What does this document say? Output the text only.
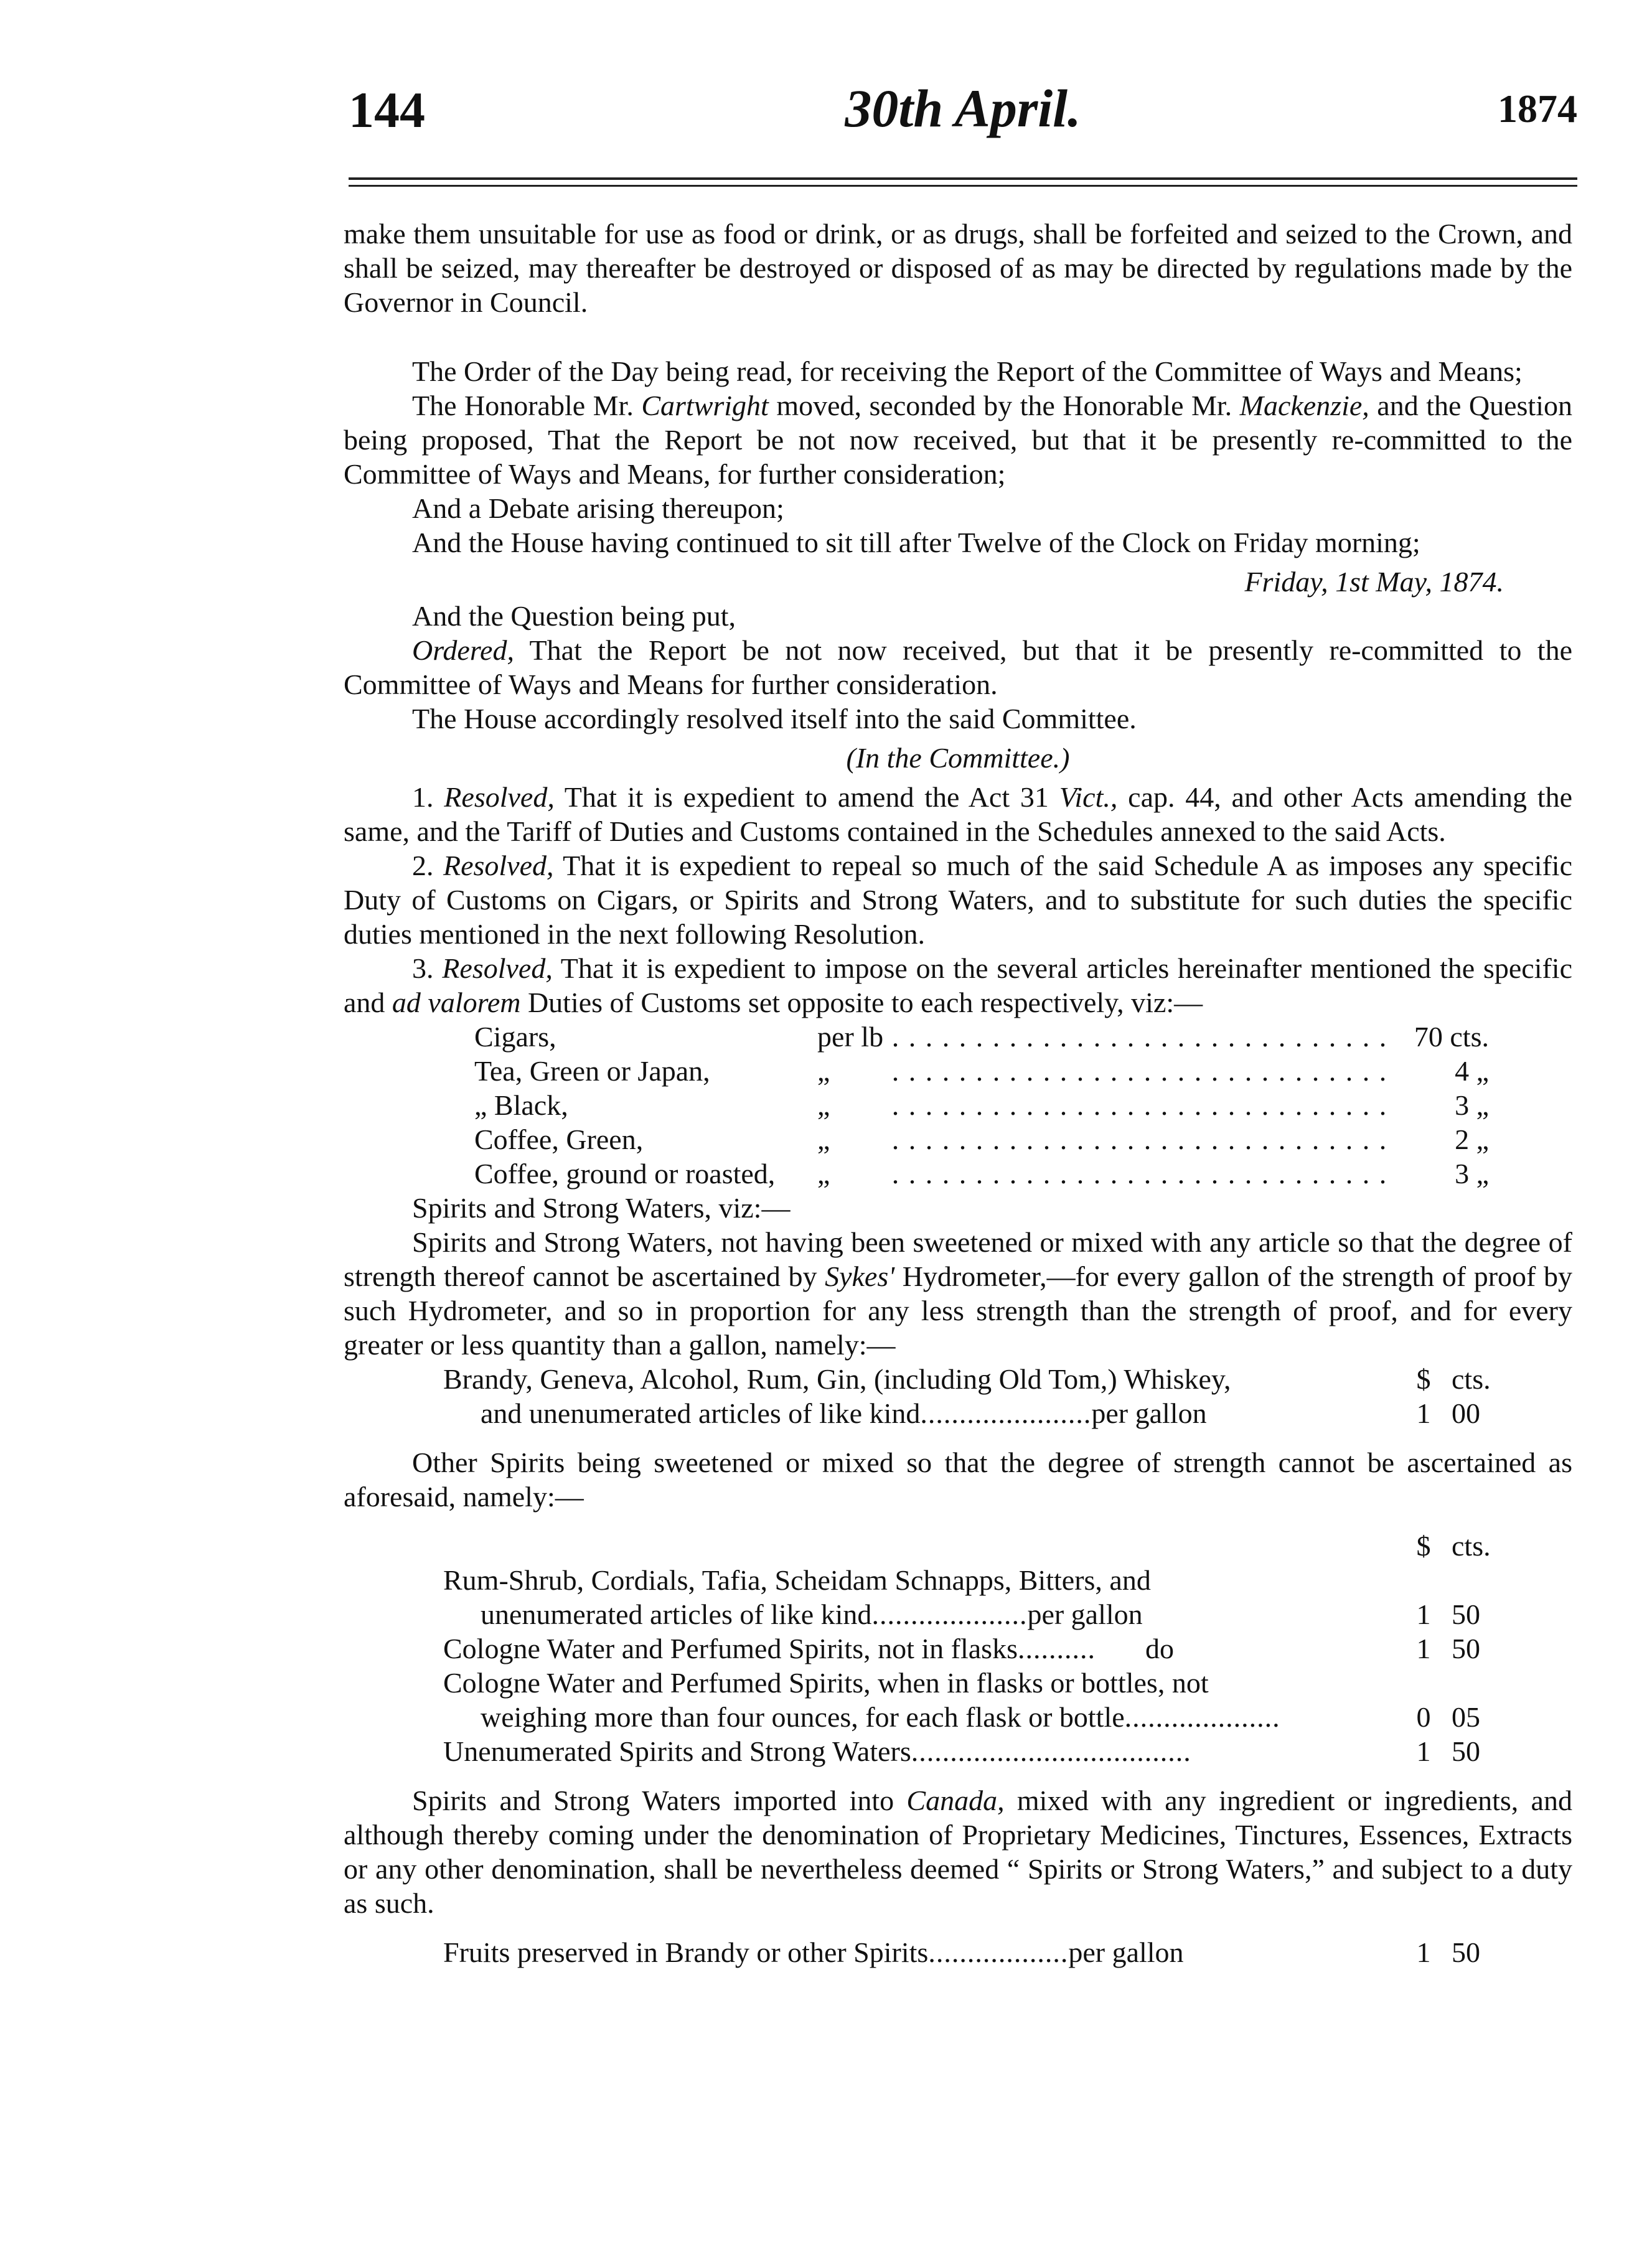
144	30th April.	1874

make them unsuitable for use as food or drink, or as drugs, shall be forfeited and seized to the Crown, and shall be seized, may thereafter be destroyed or disposed of as may be directed by regulations made by the Governor in Council.

The Order of the Day being read, for receiving the Report of the Committee of Ways and Means;

The Honorable Mr. Cartwright moved, seconded by the Honorable Mr. Mackenzie, and the Question being proposed, That the Report be not now received, but that it be presently re-committed to the Committee of Ways and Means, for further consideration;

And a Debate arising thereupon;

And the House having continued to sit till after Twelve of the Clock on Friday morning;

Friday, 1st May, 1874.

And the Question being put,

Ordered, That the Report be not now received, but that it be presently re-committed to the Committee of Ways and Means for further consideration.

The House accordingly resolved itself into the said Committee.

(In the Committee.)

1. Resolved, That it is expedient to amend the Act 31 Vict., cap. 44, and other Acts amending the same, and the Tariff of Duties and Customs contained in the Schedules annexed to the said Acts.

2. Resolved, That it is expedient to repeal so much of the said Schedule A as imposes any specific Duty of Customs on Cigars, or Spirits and Strong Waters, and to substitute for such duties the specific duties mentioned in the next following Resolution.

3. Resolved, That it is expedient to impose on the several articles hereinafter mentioned the specific and ad valorem Duties of Customs set opposite to each respectively, viz:—

Cigars,	per lb	. . . . . . . . . . . . . . . . . . . . . . . . . . . . . .	70 cts.
Tea, Green or Japan,	„	. . . . . . . . . . . . . . . . . . . . . . . . . . . . . .	4 „
„ Black,	„	. . . . . . . . . . . . . . . . . . . . . . . . . . . . . .	3 „
Coffee, Green,	„	. . . . . . . . . . . . . . . . . . . . . . . . . . . . . .	2 „
Coffee, ground or roasted,	„	. . . . . . . . . . . . . . . . . . . . . . . . . . . . . .	3 „

Spirits and Strong Waters, viz:—

Spirits and Strong Waters, not having been sweetened or mixed with any article so that the degree of strength thereof cannot be ascertained by Sykes' Hydrometer,—for every gallon of the strength of proof by such Hydrometer, and so in proportion for any less strength than the strength of proof, and for every greater or less quantity than a gallon, namely:—

Brandy, Geneva, Alcohol, Rum, Gin, (including Old Tom,) Whiskey,	$	cts.
and unenumerated articles of like kind......................per gallon	1	00

Other Spirits being sweetened or mixed so that the degree of strength cannot be ascertained as aforesaid, namely:—

	$	cts.
Rum-Shrub, Cordials, Tafia, Scheidam Schnapps, Bitters, and		
unenumerated articles of like kind....................per gallon	1	50
Cologne Water and Perfumed Spirits, not in flasks.......... do	1	50
Cologne Water and Perfumed Spirits, when in flasks or bottles, not		
weighing more than four ounces, for each flask or bottle....................	0	05
Unenumerated Spirits and Strong Waters....................................	1	50

Spirits and Strong Waters imported into Canada, mixed with any ingredient or ingredients, and although thereby coming under the denomination of Proprietary Medicines, Tinctures, Essences, Extracts or any other denomination, shall be nevertheless deemed “ Spirits or Strong Waters,” and subject to a duty as such.

Fruits preserved in Brandy or other Spirits..................per gallon	1	50
